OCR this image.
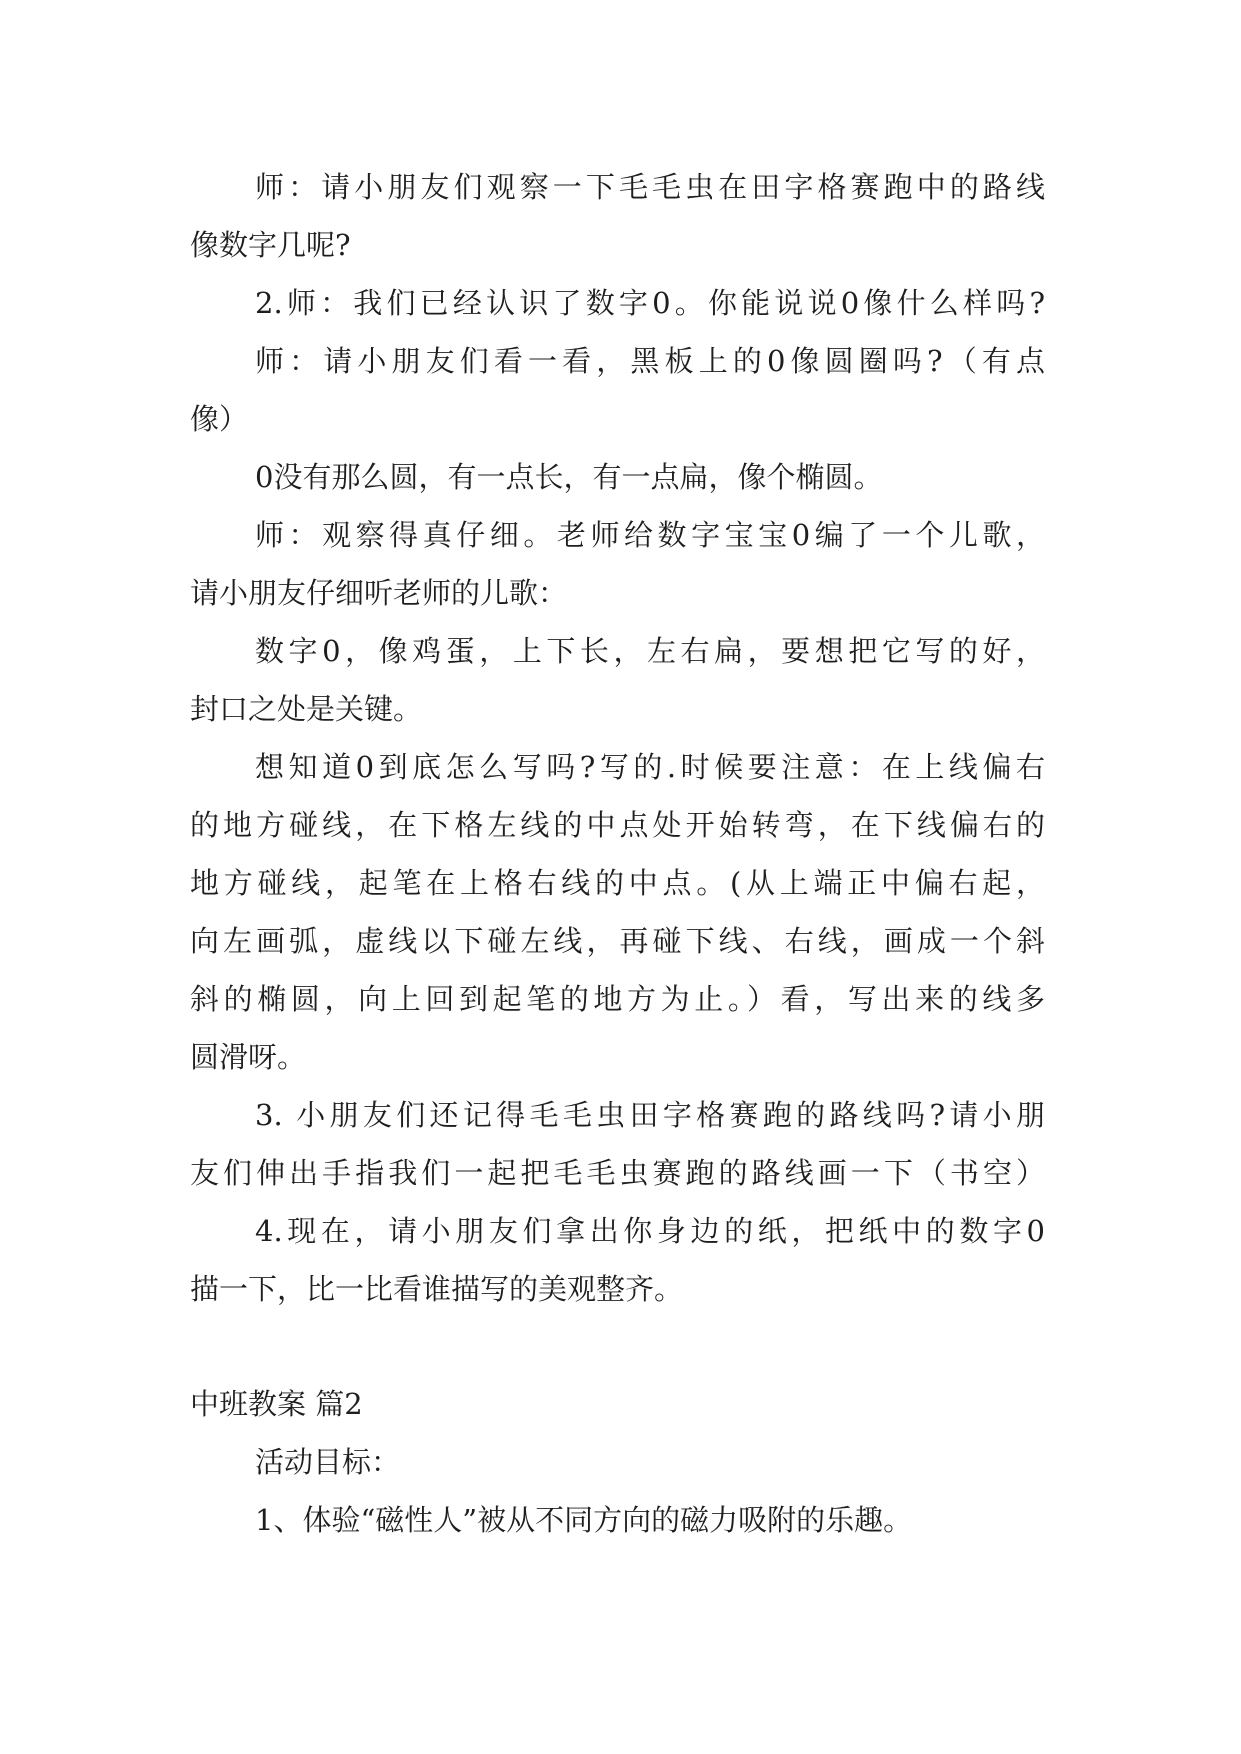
师：请小朋友们观察一下毛毛虫在田字格赛跑中的路线
像数字几呢?
2.师：我们已经认识了数字0。你能说说0像什么样吗?
师：请小朋友们看一看，黑板上的0像圆圈吗?（有点
像）
0没有那么圆，有一点长，有一点扁，像个椭圆。
师：观察得真仔细。老师给数字宝宝0编了一个儿歌，
请小朋友仔细听老师的儿歌：
数字0，像鸡蛋，上下长，左右扁，要想把它写的好，
封口之处是关键。
想知道0到底怎么写吗?写的.时候要注意：在上线偏右
的地方碰线，在下格左线的中点处开始转弯，在下线偏右的
地方碰线，起笔在上格右线的中点。(从上端正中偏右起，
向左画弧，虚线以下碰左线，再碰下线、右线，画成一个斜
斜的椭圆，向上回到起笔的地方为止。）看，写出来的线多
圆滑呀。
3. 小朋友们还记得毛毛虫田字格赛跑的路线吗?请小朋
友们伸出手指我们一起把毛毛虫赛跑的路线画一下（书空）
4.现在，请小朋友们拿出你身边的纸，把纸中的数字0
描一下，比一比看谁描写的美观整齐。
中班教案 篇2
活动目标：
1、体验“磁性人”被从不同方向的磁力吸附的乐趣。
